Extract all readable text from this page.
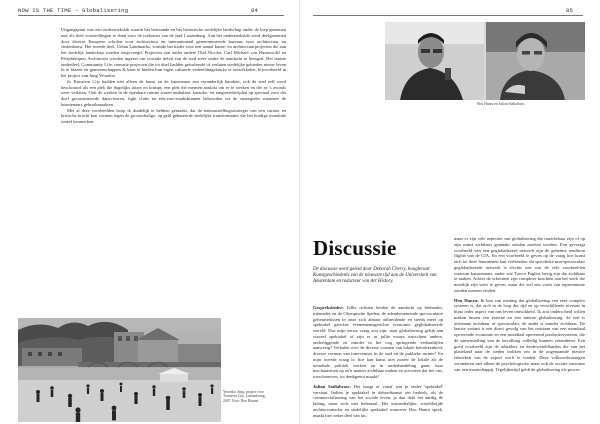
NOW IS THE TIME – Globalisering	84

Uitgangspunt was een onderzoekslab waarin het bestaande en het historische stedelijke landschap onder de loep genomen met als doel voorstellingen te doen voor de toekomst van de stad Luxemburg. Aan het onderzoekslab werd deelgenomen door diverse Europese scholen voor architectuur en internationaal gerenommeerde bureaus voor architectuur en stedenbouw. Het tweede deel, Urban Landmarks, vormde het kader voor een aantal kunst- en architectuurprojecten die aan het stedelijk landschap werden toegevoegd. Projecten van onder andere Olaf Nicolai, Carl Michael von Hausswolff en Périphériques Architectes werden ingezet om cruciale delen van de stad weer onder de aandacht te brengen. Het laatste onderdeel, Community Life, omvatte projecten die tot doel hadden geïsoleerde of verlaten stedelijke gebieden nieuw leven in te blazen en gemeenschappen & kans te bieden hun eigen culturele verbeeldingskracht te ontwikkelen, bijvoorbeeld in het project van Jung Yeondoo.

In Transient City hadden niet alleen de kunst en de kunstenaar een veranderlijk karakter, ook de stad zelf werd beschouwd als een plek die dagelijks uitzet en krimpt; een plek die mensen aanlokt om er te werken en die ze 's avonds weer verlaten. Ook de werken in de openbare ruimte waren ambulant: karaoke- en tangowedstrijden op speciaal voor dat doel geconstrueerde dansvloeren, fight clubs en één-euro-marktkramen behoorden tot de strategieën waarmee de kunstenaars gebruikmaakten.

Met al deze voorbeelden hoop ik duidelijk te hebben gemaakt, dat de tentoonstellingsstrategie van een curator en kritische kracht kan vormen tegen de grootschalige, op geld gebaseerde stedelijke transformaties die het huidige mondiale toneel kenmerken.

Yeondoo Jung, project voor Transient City, Luxembourg, 2007. Foto: Ben Huurm.
85
Hou Hanru en Julian Stallabrass
Discussie
De discussie werd geleid door Deborah Cherry, hoogleraar Kunstgeschiedenis van de nieuwste tijd aan de Universiteit van Amsterdam en redacteur van Art History.

Gespreksleider: Jullie richtten beiden de aandacht op biënnales, triënnales en de Olympische Spelen; de adembenemende spectaculaire gebeurtenissen in onze zich almaar uitbreidende en steeds meer op spektakel gerichte evenementsgerichte economie geglobaliseerde wereld. Dus mijn eerste vraag zou zijn: staat globalisering gelijk aan visueel spektakel of zijn er in jullie essays misschien andere, onderliggende en minder in het oog springende verhaaltijlen aanwezig? Verhalen over de diverse vormen van lokale betrokkenheid, diverse vormen van interventies in de stad en de publieke ruimte? En mijn tweede vraag is: hoe kan kunst niet zozeer de lokale als de mondiale politiek werken en in onderhandeling gaan; haar mechanismen op zo'n manier zichtbaar maken en activeren dat het ons, toeschouwers, tot denkgenot maakt?

Julian Stallabrass: Het hangt er vanaf wat je onder 'spektakel' verstaat. Indien je spektakel in debordiaanse zin bedoelt, als de commercialisering van het sociale leven, ja dan dekt het aardig de lading, maar toch niet helemaal. Het uitzonderlijke, wereldwijde architectonische en stedelijke spektakel waarover Hou Hanru sprak, maakt hier zeker deel van uit,

maar er zijn vele aspecten van globalisering die onzichtbaar zijn of op zijn minst zichtbaar gemaakt zouden moeten worden. Een gevraagt voorbeeld van een geglobaliseerd netwerk zijn de geheime rendition flights van de CIA. En een voorbeeld te geven op de vraag hoe kunst zich tot deze fenomenen kan verhouden: dit specifieke non-spectaculair geglobaliseerde netwerk is slechts een van de vele voorbeelden waarvan kunstenaars, onder wie Trevor Paglen, bezig zijn die zichtbaar te maken. Achter de schermen zijn complexe krachten aan het werk die moeilijk zijn weer te geven, maar die wel een vorm van representatie zouden moeten vinden.

Hou Hanru: Ik ben van mening dat globalisering een zeer complex systeem is, dat zich in de loop der tijd en op verschillende niveaus in bijna ieder aspect van ons leven ontwikkeld. Ik zou onderscheid willen maken tussen een externe en een interne globalisering: de een is uitermate zichtbaar of spectaculair, de ander is minder zichtbaar. De laatste variant is een direct gevolg van het ontstaan van een mondiaal opererende economie en een mondiaal opererend productiesysteem, die de samenstelling van de bevolking volledig kunnen veranderen. Een goed voorbeeld zijn de arbeiders en derdewereldlanden die van het platteland naar de steden trokken om in de zogenaamde nieuwe fabrieken van de export werk te vinden. Deze volksverhuizingen veranderen niet alleen de psychologische maar ook de sociale structuur van een maatschappij. Tegelijkertijd geldt de globalisering als proces
